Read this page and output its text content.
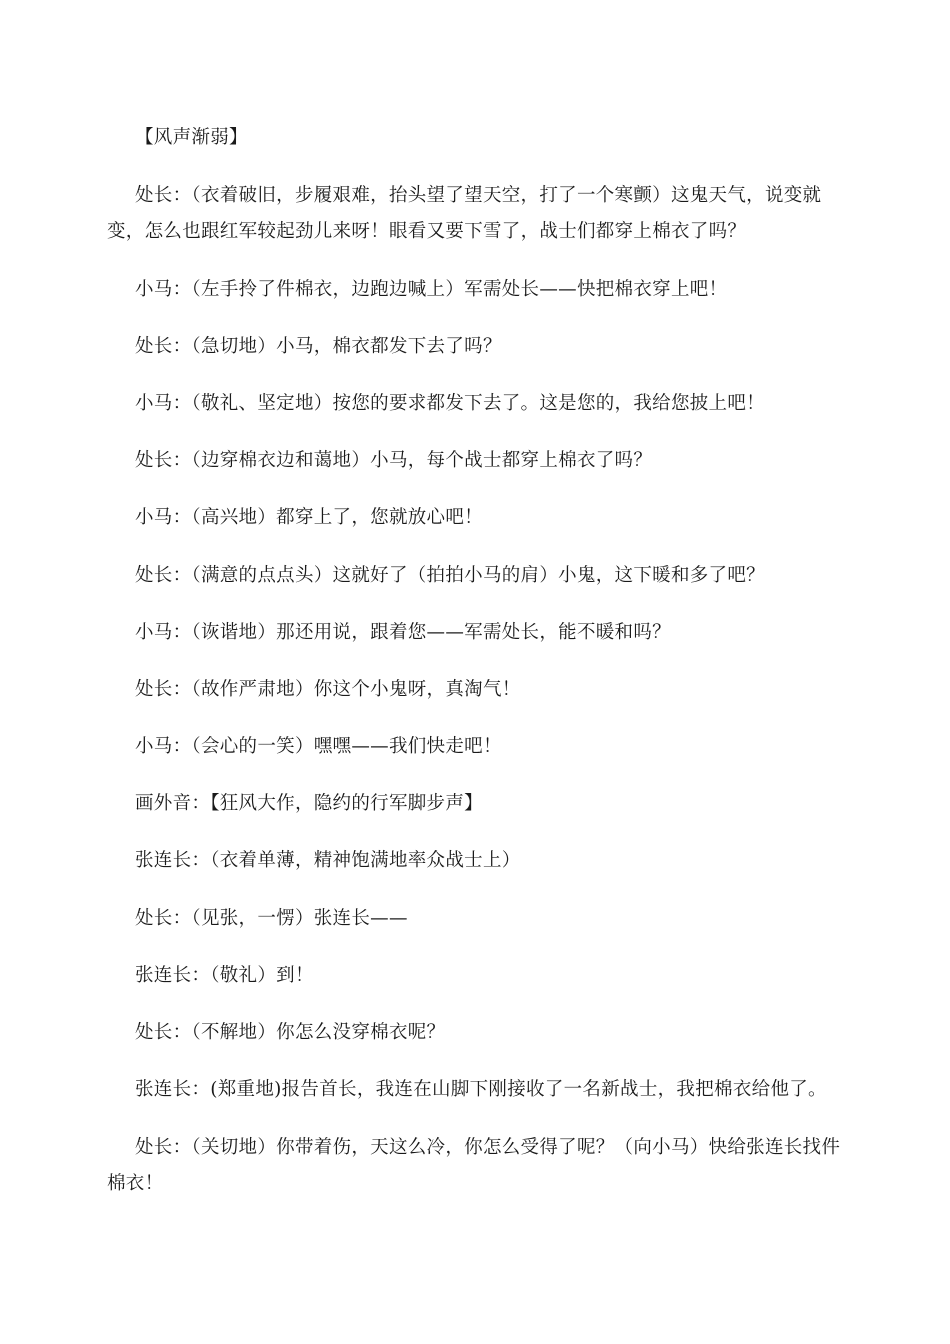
【风声渐弱】

处长：（衣着破旧，步履艰难，抬头望了望天空，打了一个寒颤）这鬼天气，说变就变，怎么也跟红军较起劲儿来呀！眼看又要下雪了，战士们都穿上棉衣了吗？

小马：（左手拎了件棉衣，边跑边喊上）军需处长——快把棉衣穿上吧！

处长：（急切地）小马，棉衣都发下去了吗？

小马：（敬礼、坚定地）按您的要求都发下去了。这是您的，我给您披上吧！

处长：（边穿棉衣边和蔼地）小马，每个战士都穿上棉衣了吗？

小马：（高兴地）都穿上了，您就放心吧！

处长：（满意的点点头）这就好了（拍拍小马的肩）小鬼，这下暖和多了吧？

小马：（诙谐地）那还用说，跟着您——军需处长，能不暖和吗？

处长：（故作严肃地）你这个小鬼呀，真淘气！

小马：（会心的一笑）嘿嘿——我们快走吧！

画外音：【狂风大作，隐约的行军脚步声】

张连长：（衣着单薄，精神饱满地率众战士上）

处长：（见张，一愣）张连长——

张连长：（敬礼）到！

处长：（不解地）你怎么没穿棉衣呢？

张连长：(郑重地)报告首长，我连在山脚下刚接收了一名新战士，我把棉衣给他了。

处长：（关切地）你带着伤，天这么冷，你怎么受得了呢？（向小马）快给张连长找件棉衣！
